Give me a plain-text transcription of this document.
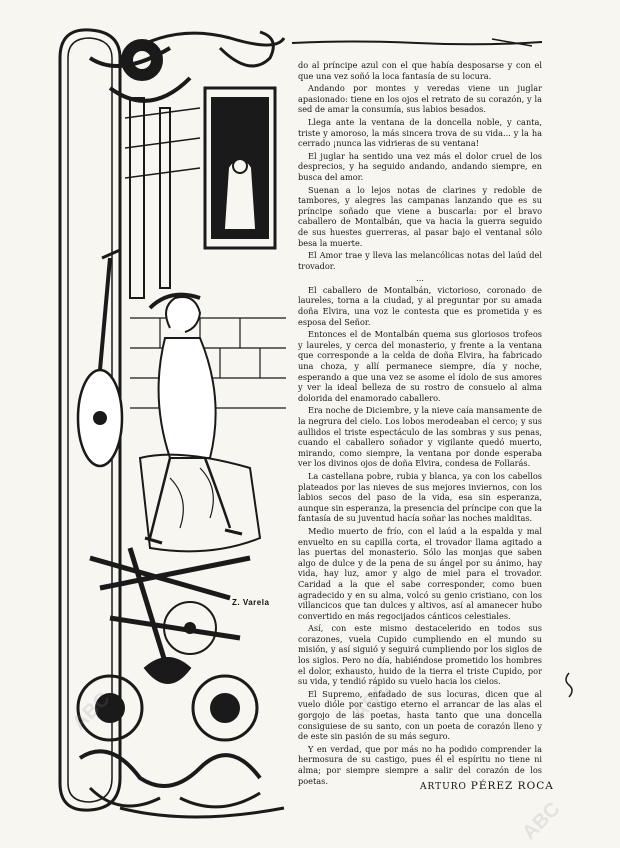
Z. Varela

do al príncipe azul con el que había desposarse y con el que una vez soñó la loca fantasía de su locura.

Andando por montes y veredas viene un juglar apasionado: tiene en los ojos el retrato de su corazón, y la sed de amar la consumía, sus labios besados.

Llega ante la ventana de la doncella noble, y canta, triste y amoroso, la más sincera trova de su vida... y la ha cerrado ¡nunca las vidrieras de su ventana!

El juglar ha sentido una vez más el dolor cruel de los desprecios, y ha seguido andando, andando siempre, en busca del amor.

Suenan a lo lejos notas de clarines y redoble de tambores, y alegres las campanas lanzando que es su príncipe soñado que viene a buscarla: por el bravo caballero de Montalbán, que va hacia la guerra seguido de sus huestes guerreras, al pasar bajo el ventanal sólo besa la muerte.

El Amor trae y lleva las melancólicas notas del laúd del trovador.

...

El caballero de Montalbán, victorioso, coronado de laureles, torna a la ciudad, y al preguntar por su amada doña Elvira, una voz le contesta que es prometida y es esposa del Señor.

Entonces el de Montalbán quema sus gloriosos trofeos y laureles, y cerca del monasterio, y frente a la ventana que corresponde a la celda de doña Elvira, ha fabricado una choza, y allí permanece siempre, día y noche, esperando a que una vez se asome el ídolo de sus amores y ver la ideal belleza de su rostro de consuelo al alma dolorida del enamorado caballero.

Era noche de Diciembre, y la nieve caía mansamente de la negrura del cielo. Los lobos merodeaban el cerco; y sus aullidos el triste espectáculo de las sombras y sus penas, cuando el caballero soñador y vigilante quedó muerto, mirando, como siempre, la ventana por donde esperaba ver los divinos ojos de doña Elvira, condesa de Follarás.

La castellana pobre, rubia y blanca, ya con los cabellos plateados por las nieves de sus mejores inviernos, con los labios secos del paso de la vida, esa sin esperanza, aunque sin esperanza, la presencia del príncipe con que la fantasía de su juventud hacía soñar las noches malditas.

Medio muerto de frío, con el laúd a la espalda y mal envuelto en su capilla corta, el trovador llama agitado a las puertas del monasterio. Sólo las monjas que saben algo de dulce y de la pena de su ángel por su ánimo, hay vida, hay luz, amor y algo de miel para el trovador. Caridad a la que el sabe corresponder, como buen agradecido y en su alma, volcó su genio cristiano, con los villancicos que tan dulces y altivos, así al amanecer hubo convertido en más regocijados cánticos celestiales.

Así, con este mismo destacelerido en todos sus corazones, vuela Cupido cumpliendo en el mundo su misión, y así siguió y seguirá cumpliendo por los siglos de los siglos. Pero no día, habiéndose prometido los hombres el dolor, exhausto, huido de la tierra el triste Cupido, por su vida, y tendió rápido su vuelo hacia los cielos.

El Supremo, enfadado de sus locuras, dicen que al vuelo dióle por castigo eterno el arrancar de las alas el gorgojo de las poetas, hasta tanto que una doncella consiguiese de su santo, con un poeta de corazón lleno y de este sin pasión de su más seguro.

Y en verdad, que por más no ha podido comprender la hermosura de su castigo, pues él el espíritu no tiene ni alma; por siempre siempre a salir del corazón de los poetas.

ARTURO PÉREZ ROCA
ABC	ABC
ABC
